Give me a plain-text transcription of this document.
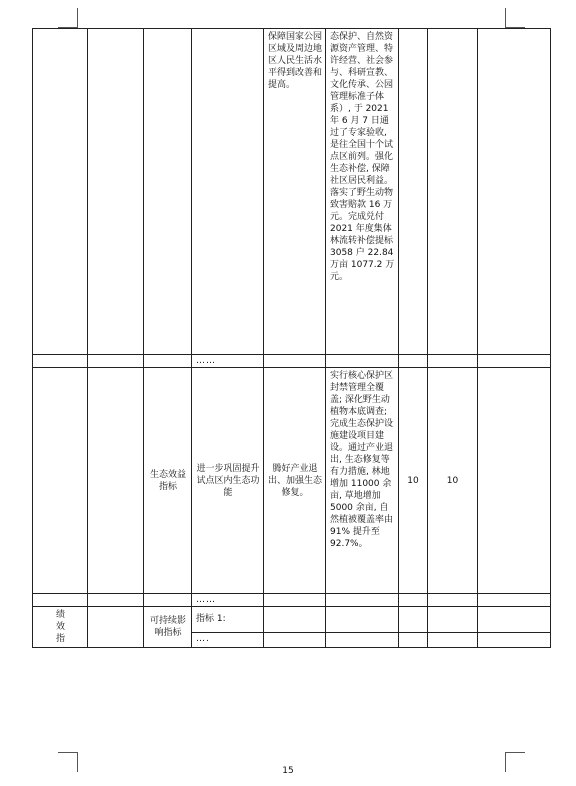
				保障国家公园区域及周边地区人民生活水平得到改善和提高。	态保护、自然资源资产管理、特许经营、社会参与、科研宣教、文化传承、公园管理标准子体系）, 于 2021 年 6 月 7 日通过了专家验收, 是往全国十个试点区前列。强化生态补偿, 保障社区居民利益。落实了野生动物致害赔款 16 万元。完成兑付 2021 年度集体林流转补偿提标 3058 户 22.84 万亩 1077.2 万元。			
			……					
		生态效益指标	进一步巩固提升试点区内生态功能	腾好产业退出、加强生态修复。	实行核心保护区封禁管理全覆盖; 深化野生动植物本底调查; 完成生态保护设施建设项目建设。通过产业退出, 生态修复等有力措施, 林地增加 11000 余亩, 草地增加 5000 余亩, 自然植被覆盖率由 91% 提升至 92.7%。	10	10	
			……					
绩效指		可持续影响指标	指标 1:					
			….					
15
